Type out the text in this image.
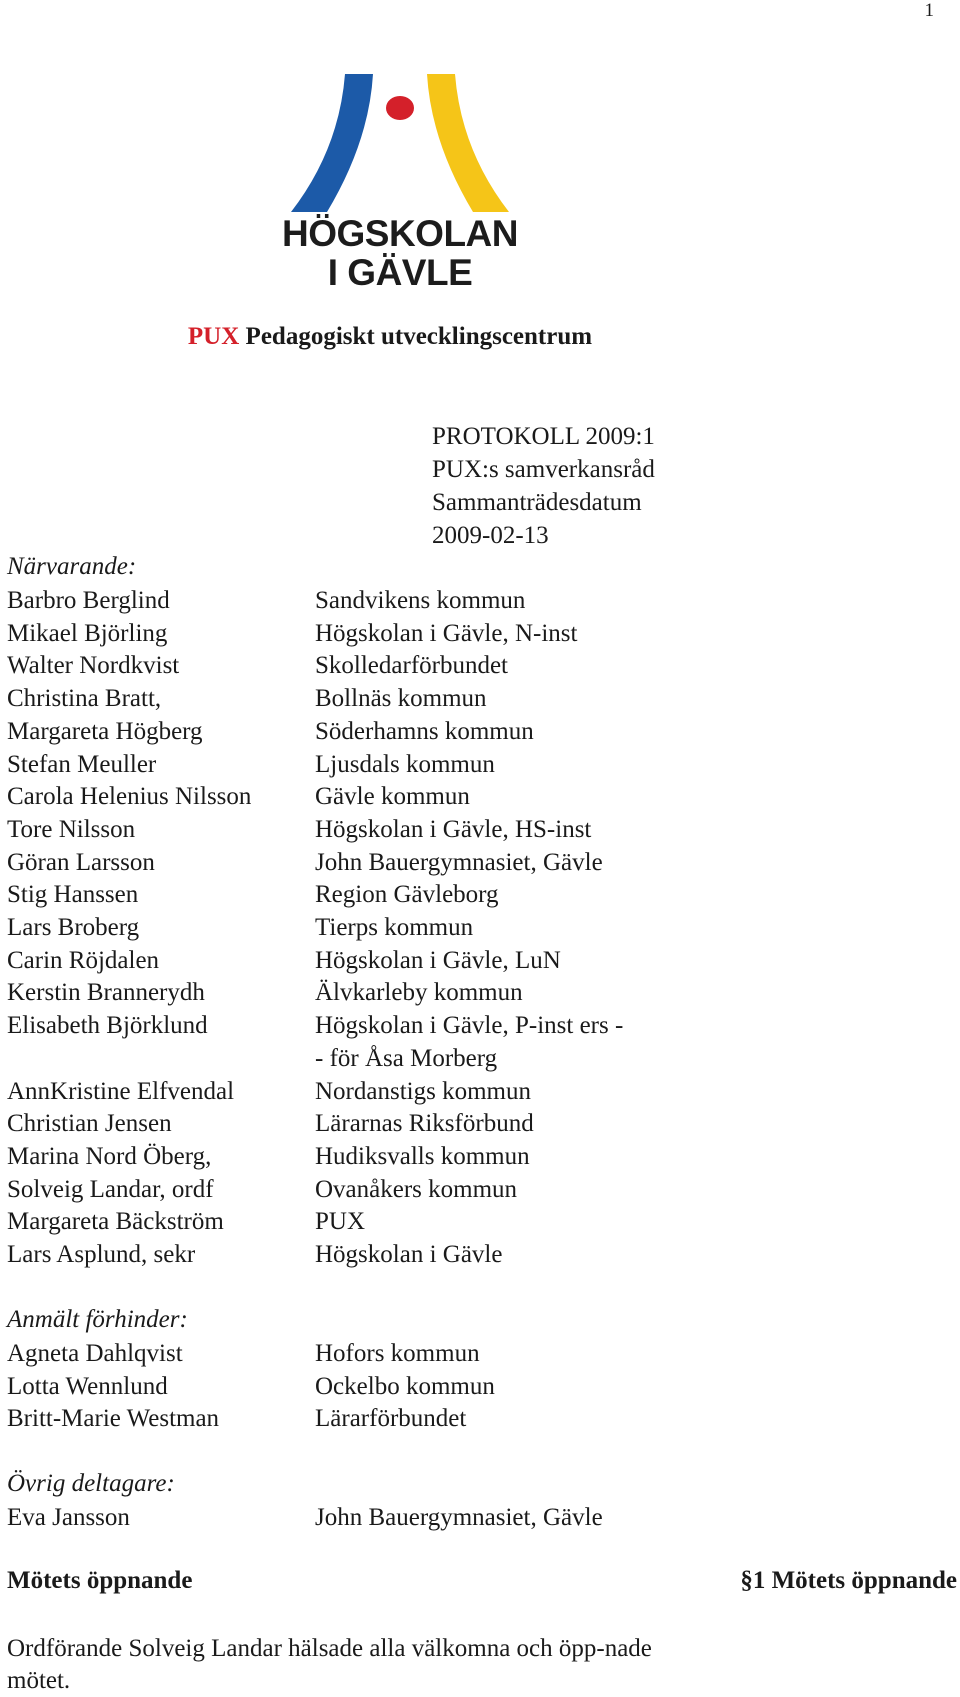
1
HÖGSKOLAN
I GÄVLE
PUX Pedagogiskt utvecklingscentrum
PROTOKOLL 2009:1
PUX:s samverkansråd
Sammanträdesdatum
2009-02-13
Närvarande:
Barbro Berglind	Sandvikens kommun
Mikael Björling	Högskolan i Gävle, N-inst
Walter Nordkvist	Skolledarförbundet
Christina Bratt,	Bollnäs kommun
Margareta Högberg	Söderhamns kommun
Stefan Meuller	Ljusdals kommun
Carola Helenius Nilsson	Gävle kommun
Tore Nilsson	Högskolan i Gävle, HS-inst
Göran Larsson	John Bauergymnasiet, Gävle
Stig Hanssen	Region Gävleborg
Lars Broberg	Tierps kommun
Carin Röjdalen	Högskolan i Gävle, LuN
Kerstin Brannerydh	Älvkarleby kommun
Elisabeth Björklund	Högskolan i Gävle, P-inst ers -
- för Åsa Morberg
AnnKristine Elfvendal	Nordanstigs kommun
Christian Jensen	Lärarnas Riksförbund
Marina Nord Öberg,	Hudiksvalls kommun
Solveig Landar, ordf	Ovanåkers kommun
Margareta Bäckström	PUX
Lars Asplund, sekr	Högskolan i Gävle
Anmält förhinder:
Agneta Dahlqvist	Hofors kommun
Lotta Wennlund	Ockelbo kommun
Britt-Marie Westman	Lärarförbundet
Övrig deltagare:
Eva Jansson	John Bauergymnasiet, Gävle
Mötets öppnande	§1 Mötets öppnande
Ordförande Solveig Landar hälsade alla välkomna och öpp-nade mötet.
